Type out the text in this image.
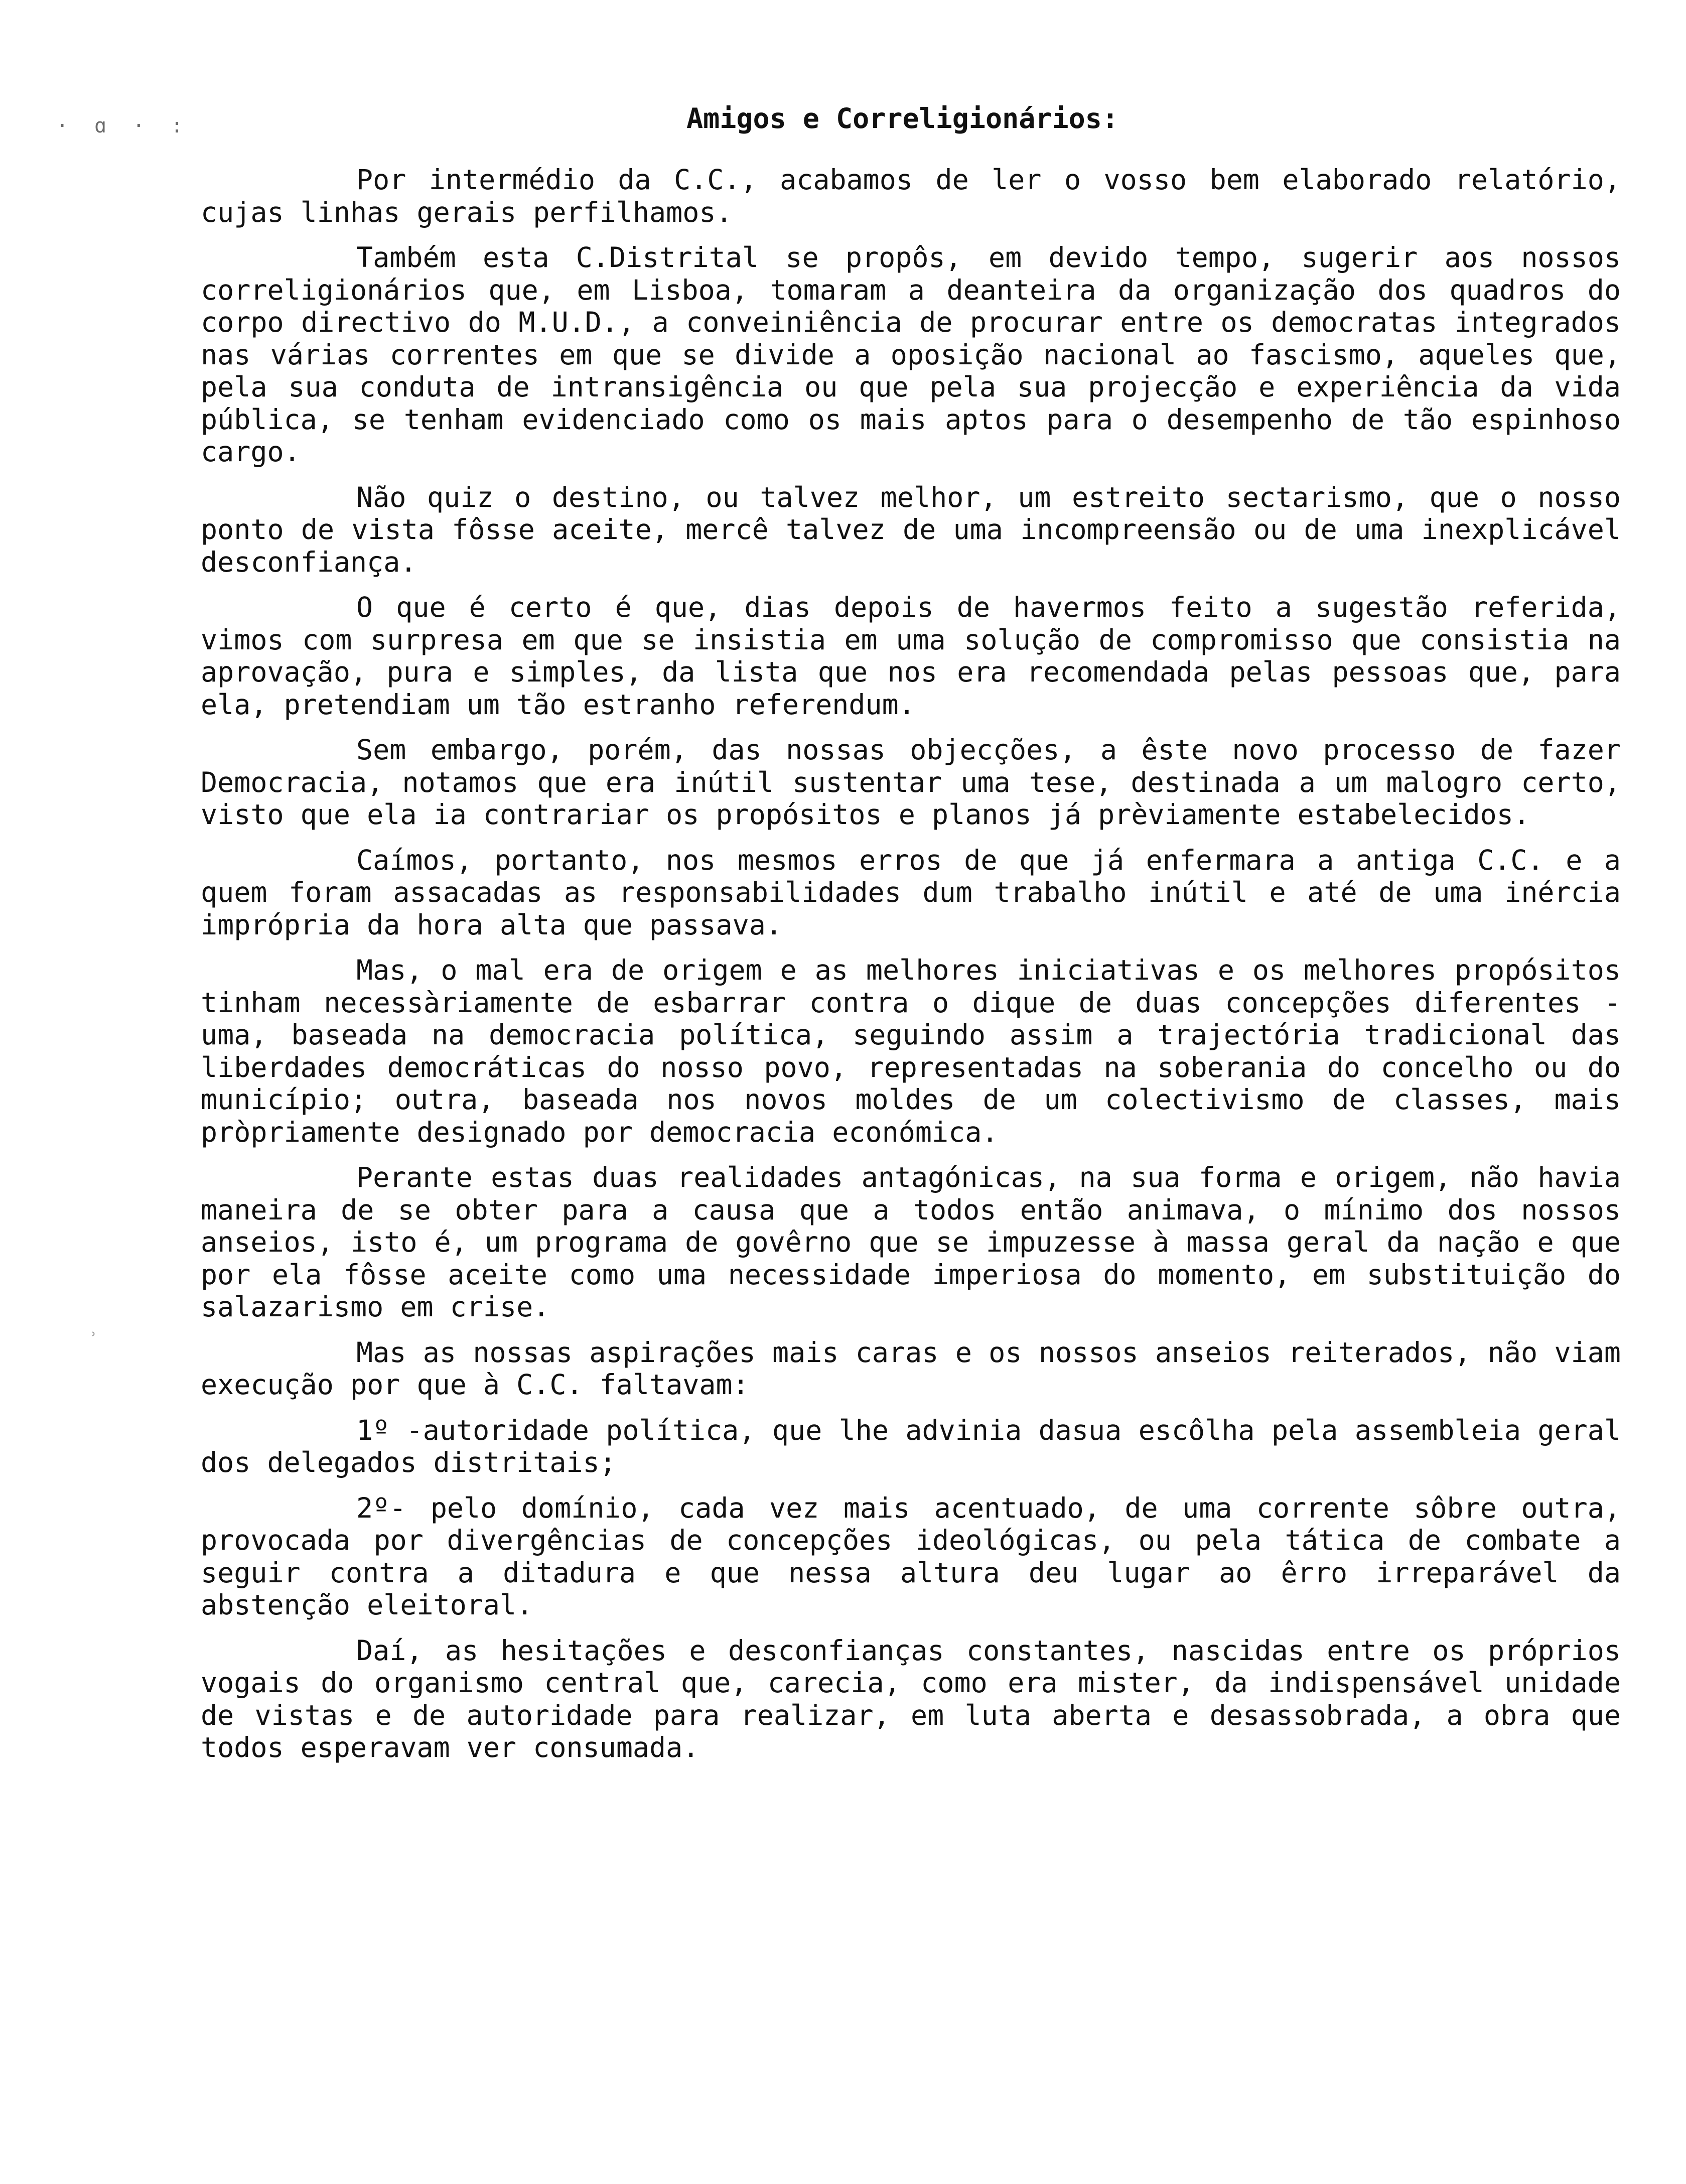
· ɑ · :
ʾ
Amigos e Correligionários:

Por intermédio da C.C., acabamos de ler o vosso bem elaborado relatório, cujas linhas gerais perfilhamos.

Também esta C.Distrital se propôs, em devido tempo, sugerir aos nossos correligionários que, em Lisboa, tomaram a deanteira da organização dos quadros do corpo directivo do M.U.D., a conveiniência de procurar entre os democratas integrados nas várias correntes em que se divide a oposição nacional ao fascismo, aqueles que, pela sua conduta de intransigência ou que pela sua projecção e experiência da vida pública, se tenham evidenciado como os mais aptos para o desempenho de tão espinhoso cargo.

Não quiz o destino, ou talvez melhor, um estreito sectarismo, que o nosso ponto de vista fôsse aceite, mercê talvez de uma incompreensão ou de uma inexplicável desconfiança.

O que é certo é que, dias depois de havermos feito a sugestão referida, vimos com surpresa em que se insistia em uma solução de compromisso que consistia na aprovação, pura e simples, da lista que nos era recomendada pelas pessoas que, para ela, pretendiam um tão estranho referendum.

Sem embargo, porém, das nossas objecções, a êste novo processo de fazer Democracia, notamos que era inútil sustentar uma tese, destinada a um malogro certo, visto que ela ia contrariar os propósitos e planos já prèviamente estabelecidos.

Caímos, portanto, nos mesmos erros de que já enfermara a antiga C.C. e a quem foram assacadas as responsabilidades dum trabalho inútil e até de uma inércia imprópria da hora alta que passava.

Mas, o mal era de origem e as melhores iniciativas e os melhores propósitos tinham necessàriamente de esbarrar contra o dique de duas concepções diferentes - uma, baseada na democracia política, seguindo assim a trajectória tradicional das liberdades democráticas do nosso povo, representadas na soberania do concelho ou do município; outra, baseada nos novos moldes de um colectivismo de classes, mais pròpriamente designado por democracia económica.

Perante estas duas realidades antagónicas, na sua forma e origem, não havia maneira de se obter para a causa que a todos então animava, o mínimo dos nossos anseios, isto é, um programa de govêrno que se impuzesse à massa geral da nação e que por ela fôsse aceite como uma necessidade imperiosa do momento, em substituição do salazarismo em crise.

Mas as nossas aspirações mais caras e os nossos anseios reiterados, não viam execução por que à C.C. faltavam:

1º -autoridade política, que lhe advinia dasua escôlha pela assembleia geral dos delegados distritais;

2º- pelo domínio, cada vez mais acentuado, de uma corrente sôbre outra, provocada por divergências de concepções ideológicas, ou pela tática de combate a seguir contra a ditadura e que nessa altura deu lugar ao êrro irreparável da abstenção eleitoral.

Daí, as hesitações e desconfianças constantes, nascidas entre os próprios vogais do organismo central que, carecia, como era mister, da indispensável unidade de vistas e de autoridade para realizar, em luta aberta e desassobrada, a obra que todos esperavam ver consumada.
